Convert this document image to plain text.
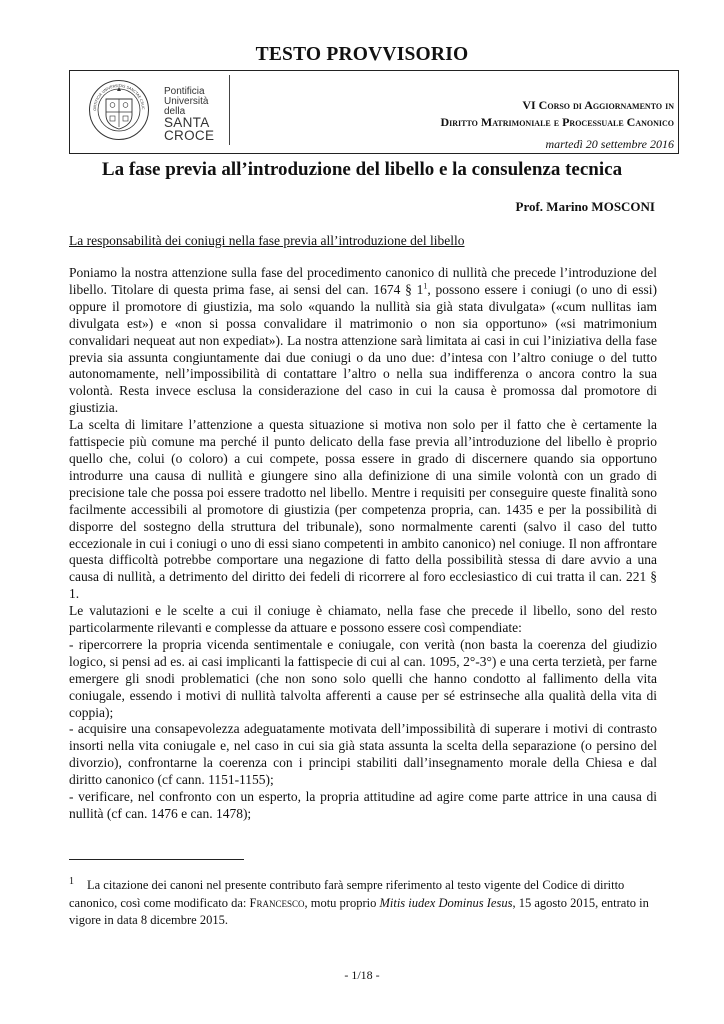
TESTO PROVVISORIO
ONTIFICIA UNIVERSITAS SANCTAE CRUC
Pontificia
Università
della
SANTA
CROCE
VI Corso di Aggiornamento in
Diritto Matrimoniale e Processuale Canonico
martedì 20 settembre 2016
La fase previa all’introduzione del libello e la consulenza tecnica
Prof. Marino MOSCONI
La responsabilità dei coniugi nella fase previa all’introduzione del libello

Poniamo la nostra attenzione sulla fase del procedimento canonico di nullità che precede l’introduzione del libello. Titolare di questa prima fase, ai sensi del can. 1674 § $1^1$, possono essere i coniugi (o uno di essi) oppure il promotore di giustizia, ma solo «quando la nullità sia già stata divulgata» («cum nullitas iam divulgata est») e «non si possa convalidare il matrimonio o non sia opportuno» («si matrimonium convalidari nequeat aut non expediat»). La nostra attenzione sarà limitata ai casi in cui l’iniziativa della fase previa sia assunta congiuntamente dai due coniugi o da uno due: d’intesa con l’altro coniuge o del tutto autonomamente, nell’impossibilità di contattare l’altro o nella sua indifferenza o ancora contro la sua volontà. Resta invece esclusa la considerazione del caso in cui la causa è promossa dal promotore di giustizia.

La scelta di limitare l’attenzione a questa situazione si motiva non solo per il fatto che è certamente la fattispecie più comune ma perché il punto delicato della fase previa all’introduzione del libello è proprio quello che, colui (o coloro) a cui compete, possa essere in grado di discernere quando sia opportuno introdurre una causa di nullità e giungere sino alla definizione di una simile volontà con un grado di precisione tale che possa poi essere tradotto nel libello. Mentre i requisiti per conseguire queste finalità sono facilmente accessibili al promotore di giustizia (per competenza propria, can. 1435 e per la possibilità di disporre del sostegno della struttura del tribunale), sono normalmente carenti (salvo il caso del tutto eccezionale in cui i coniugi o uno di essi siano competenti in ambito canonico) nel coniuge. Il non affrontare questa difficoltà potrebbe comportare una negazione di fatto della possibilità stessa di dare avvio a una causa di nullità, a detrimento del diritto dei fedeli di ricorrere al foro ecclesiastico di cui tratta il can. 221 § 1.

Le valutazioni e le scelte a cui il coniuge è chiamato, nella fase che precede il libello, sono del resto particolarmente rilevanti e complesse da attuare e possono essere così compendiate:

- ripercorrere la propria vicenda sentimentale e coniugale, con verità (non basta la coerenza del giudizio logico, si pensi ad es. ai casi implicanti la fattispecie di cui al can. 1095, 2°-3°) e una certa terzietà, per farne emergere gli snodi problematici (che non sono solo quelli che hanno condotto al fallimento della vita coniugale, essendo i motivi di nullità talvolta afferenti a cause per sé estrinseche alla qualità della vita di coppia);

- acquisire una consapevolezza adeguatamente motivata dell’impossibilità di superare i motivi di contrasto insorti nella vita coniugale e, nel caso in cui sia già stata assunta la scelta della separazione (o persino del divorzio), confrontarne la coerenza con i principi stabiliti dall’insegnamento morale della Chiesa e dal diritto canonico (cf cann. 1151-1155);

- verificare, nel confronto con un esperto, la propria attitudine ad agire come parte attrice in una causa di nullità (cf can. 1476 e can. 1478);

1 La citazione dei canoni nel presente contributo farà sempre riferimento al testo vigente del Codice di diritto canonico, così come modificato da: Francesco, motu proprio Mitis iudex Dominus Iesus, 15 agosto 2015, entrato in vigore in data 8 dicembre 2015.
- 1/18 -
